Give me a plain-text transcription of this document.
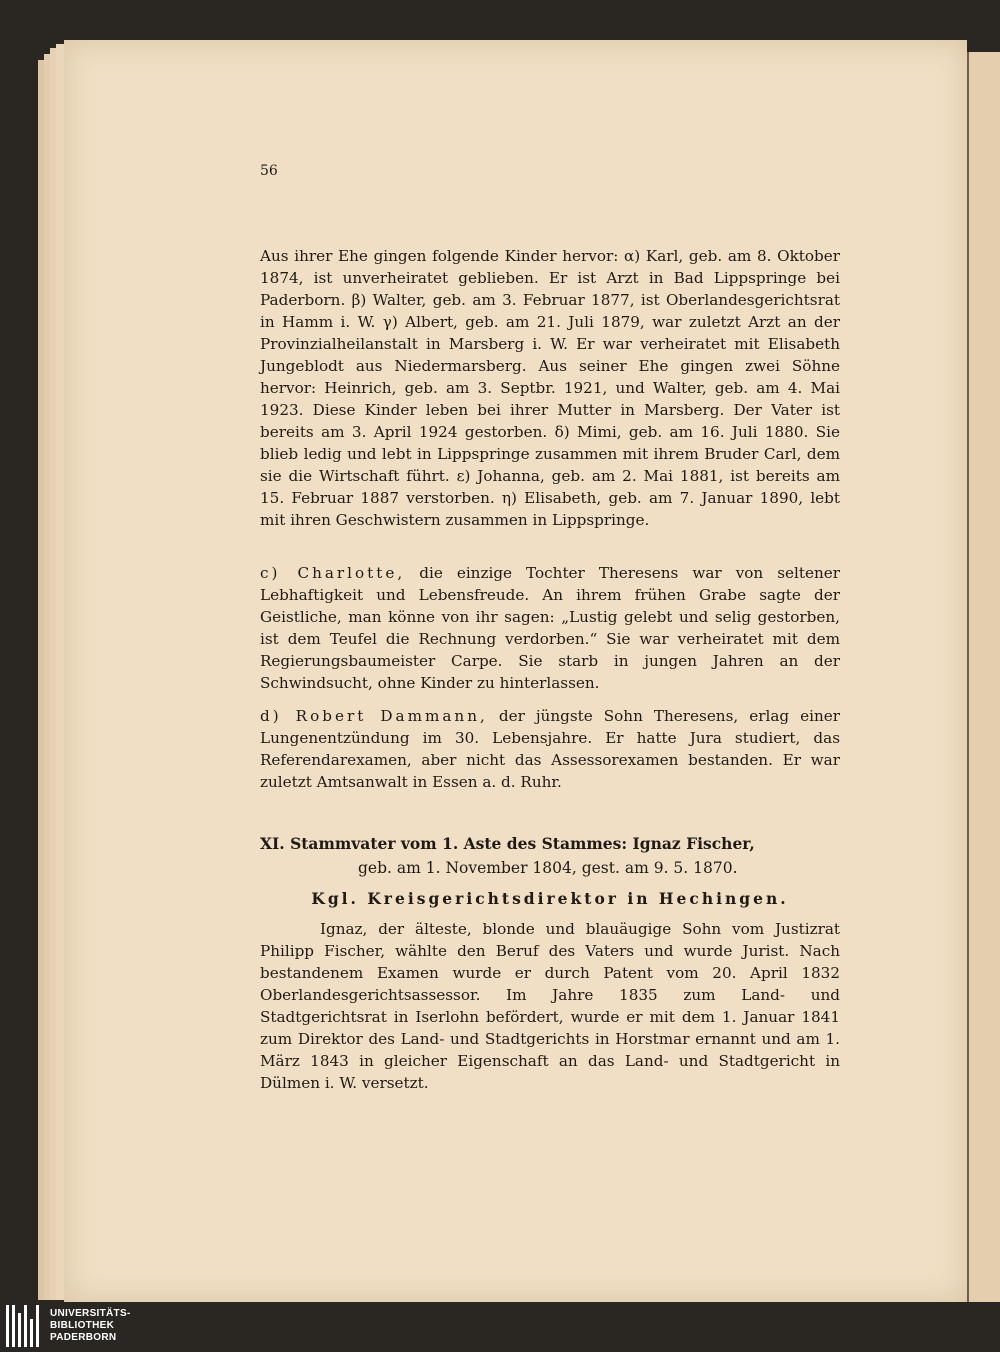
56

Aus ihrer Ehe gingen folgende Kinder hervor: α) Karl, geb. am 8. Oktober 1874, ist unverheiratet geblieben. Er ist Arzt in Bad Lippspringe bei Paderborn. β) Walter, geb. am 3. Februar 1877, ist Oberlandesgerichtsrat in Hamm i. W. γ) Albert, geb. am 21. Juli 1879, war zuletzt Arzt an der Provinzialheilanstalt in Marsberg i. W. Er war verheiratet mit Elisabeth Jungeblodt aus Niedermarsberg. Aus seiner Ehe gingen zwei Söhne hervor: Heinrich, geb. am 3. Septbr. 1921, und Walter, geb. am 4. Mai 1923. Diese Kinder leben bei ihrer Mutter in Marsberg. Der Vater ist bereits am 3. April 1924 gestorben. δ) Mimi, geb. am 16. Juli 1880. Sie blieb ledig und lebt in Lippspringe zusammen mit ihrem Bruder Carl, dem sie die Wirtschaft führt. ε) Johanna, geb. am 2. Mai 1881, ist bereits am 15. Februar 1887 verstorben. η) Elisabeth, geb. am 7. Januar 1890, lebt mit ihren Geschwistern zusammen in Lippspringe.

c) Charlotte, die einzige Tochter Theresens war von seltener Lebhaftigkeit und Lebensfreude. An ihrem frühen Grabe sagte der Geistliche, man könne von ihr sagen: „Lustig gelebt und selig gestorben, ist dem Teufel die Rechnung verdorben.“ Sie war verheiratet mit dem Regierungsbaumeister Carpe. Sie starb in jungen Jahren an der Schwindsucht, ohne Kinder zu hinterlassen.

d) Robert Dammann, der jüngste Sohn Theresens, erlag einer Lungenentzündung im 30. Lebensjahre. Er hatte Jura studiert, das Referendarexamen, aber nicht das Assessorexamen bestanden. Er war zuletzt Amtsanwalt in Essen a. d. Ruhr.

XI. Stammvater vom 1. Aste des Stammes: Ignaz Fischer,
geb. am 1. November 1804, gest. am 9. 5. 1870.
Kgl. Kreisgerichtsdirektor in Hechingen.

Ignaz, der älteste, blonde und blauäugige Sohn vom Justizrat Philipp Fischer, wählte den Beruf des Vaters und wurde Jurist. Nach bestandenem Examen wurde er durch Patent vom 20. April 1832 Oberlandesgerichtsassessor. Im Jahre 1835 zum Land- und Stadtgerichtsrat in Iserlohn befördert, wurde er mit dem 1. Januar 1841 zum Direktor des Land- und Stadtgerichts in Horstmar ernannt und am 1. März 1843 in gleicher Eigenschaft an das Land- und Stadtgericht in Dülmen i. W. versetzt.

UNIVERSITÄTS-
BIBLIOTHEK
PADERBORN
